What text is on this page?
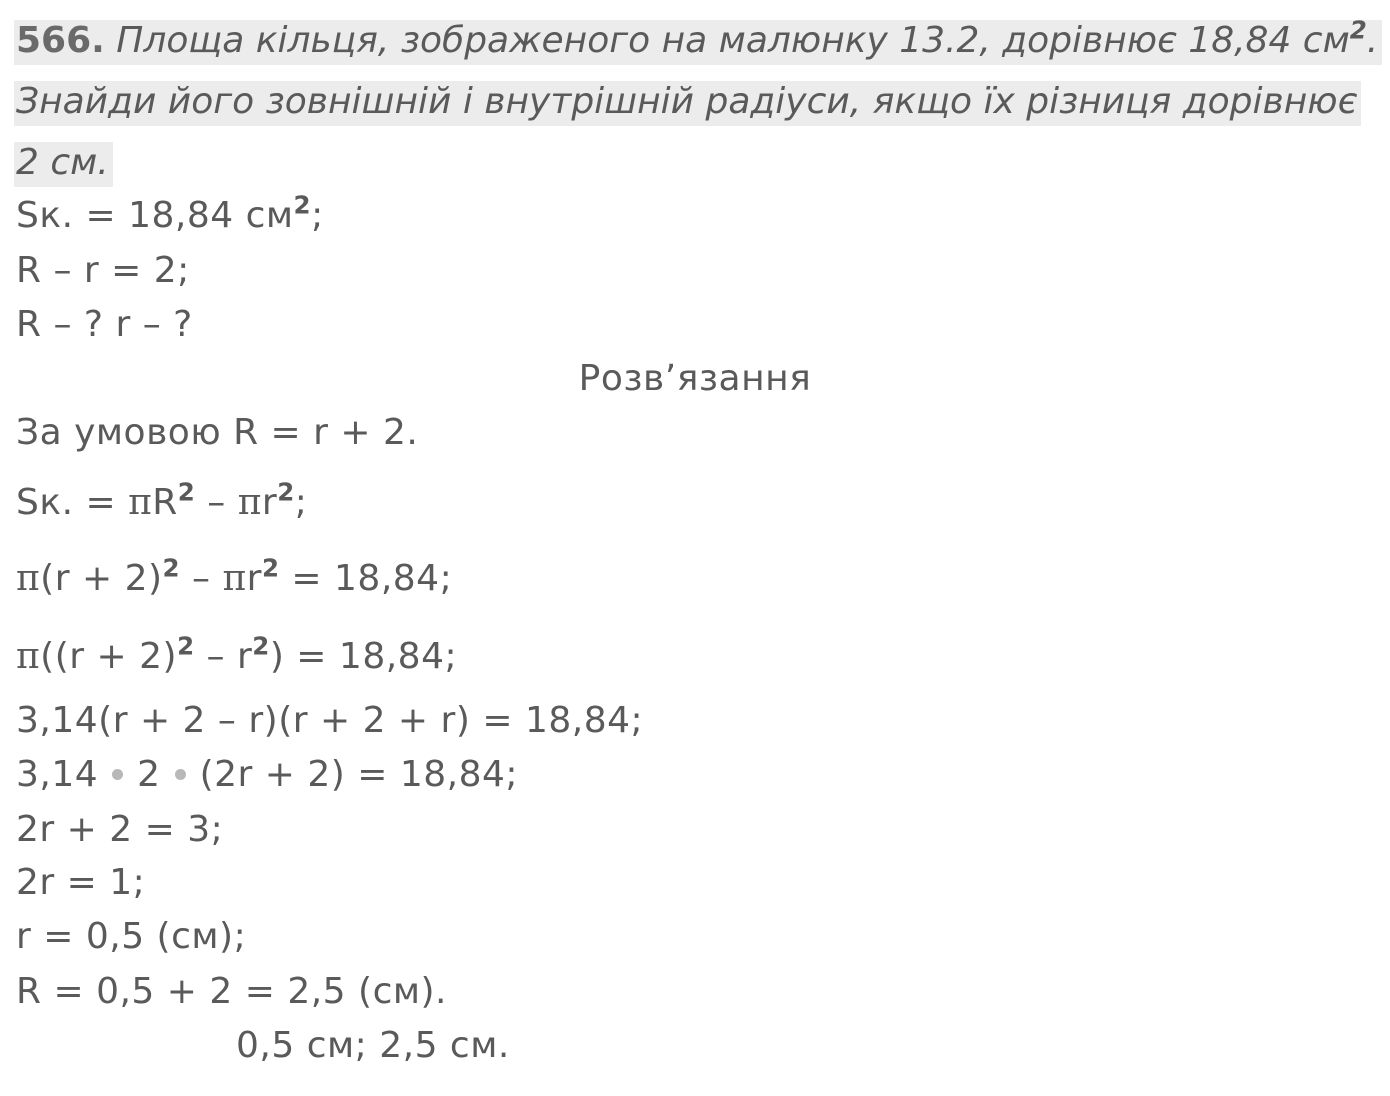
566. Площа кільця, зображеного на малюнку 13.2, дорівнює 18,84 $см^2$. Знайди його зовнішній і внутрішній радіуси, якщо їх різниця дорівнює 2 см.
Sк. = 18,84 $см^2$;
R – r = 2;
R – ? r – ?
Розв’язання
За умовою R = r + 2.
Sк. = $\pi R^2 - \pi r^2$;
$\pi(r + 2)^2 - \pi r^2 = 18,84$;
$\pi((r + 2)^2 - r^2) = 18,84$;
3,14(r + 2 – r)(r + 2 + r) = 18,84;
3,14 2 (2r + 2) = 18,84;
2r + 2 = 3;
2r = 1;
r = 0,5 (см);
R = 0,5 + 2 = 2,5 (см).
0,5 см; 2,5 см.
